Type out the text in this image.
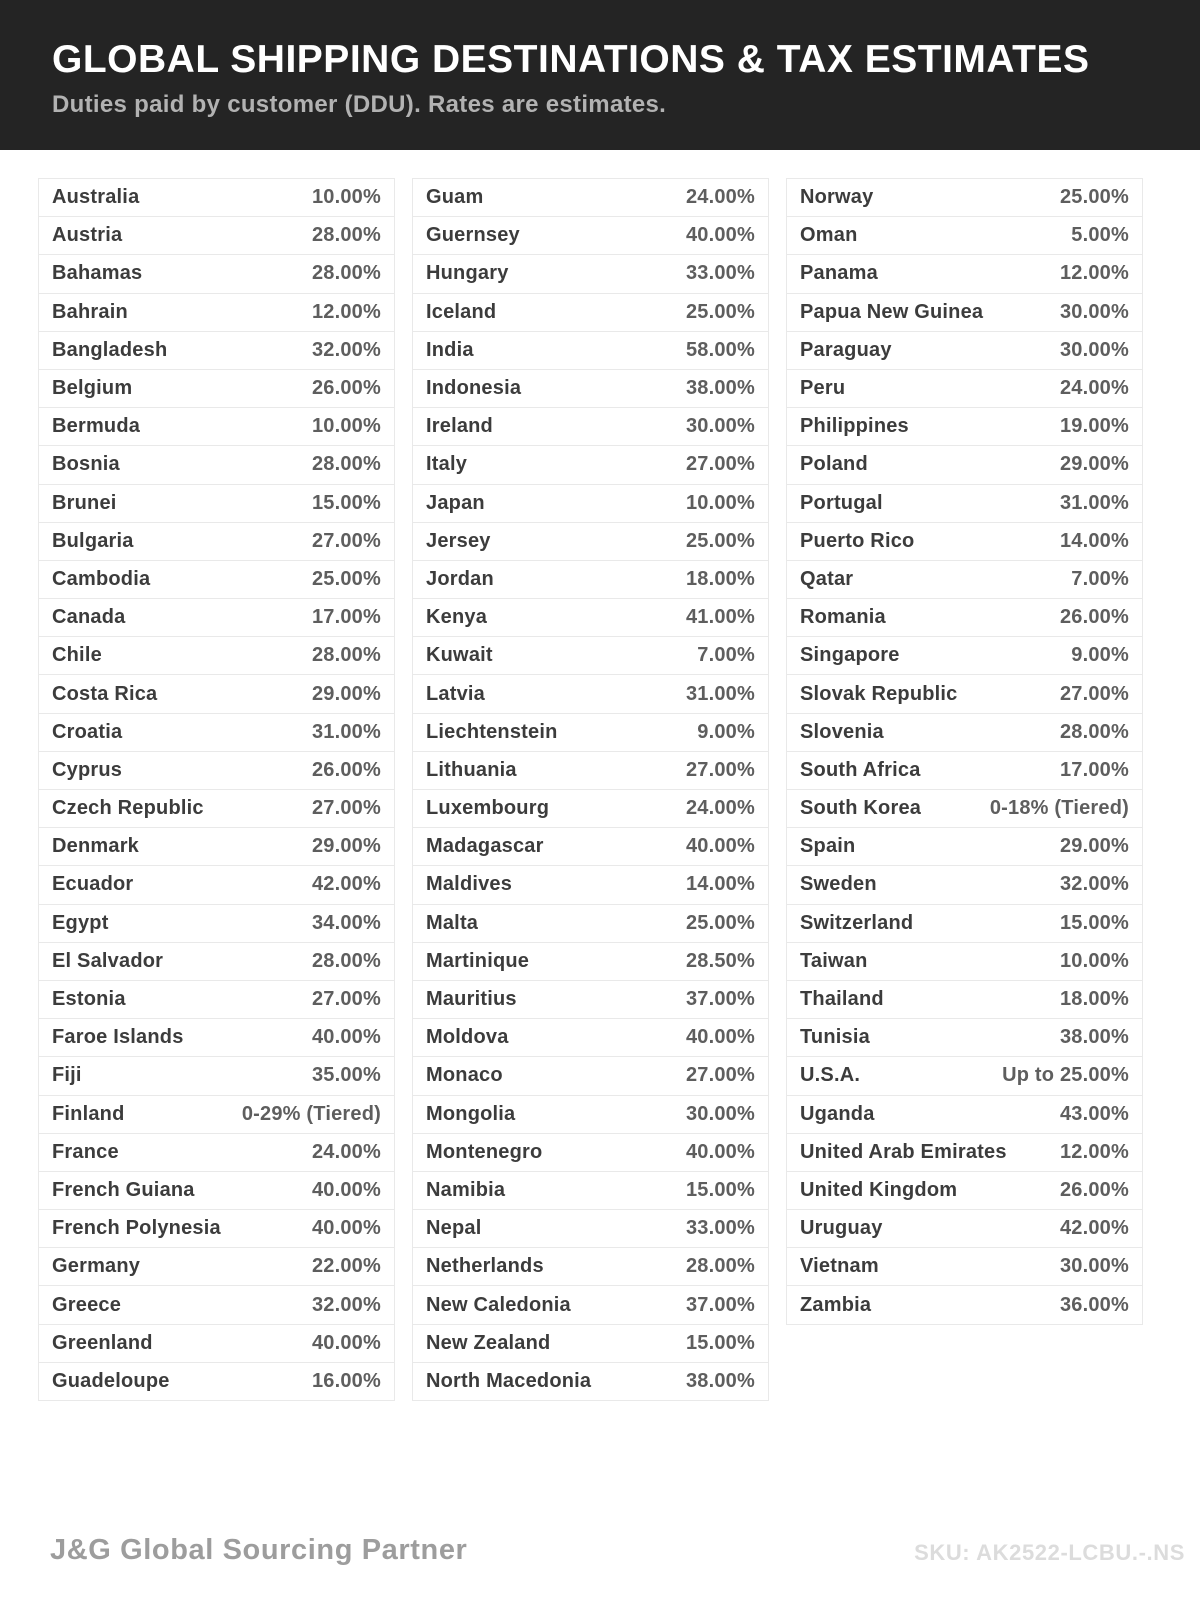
GLOBAL SHIPPING DESTINATIONS & TAX ESTIMATES
Duties paid by customer (DDU). Rates are estimates.
Australia	10.00%
Austria	28.00%
Bahamas	28.00%
Bahrain	12.00%
Bangladesh	32.00%
Belgium	26.00%
Bermuda	10.00%
Bosnia	28.00%
Brunei	15.00%
Bulgaria	27.00%
Cambodia	25.00%
Canada	17.00%
Chile	28.00%
Costa Rica	29.00%
Croatia	31.00%
Cyprus	26.00%
Czech Republic	27.00%
Denmark	29.00%
Ecuador	42.00%
Egypt	34.00%
El Salvador	28.00%
Estonia	27.00%
Faroe Islands	40.00%
Fiji	35.00%
Finland	0-29% (Tiered)
France	24.00%
French Guiana	40.00%
French Polynesia	40.00%
Germany	22.00%
Greece	32.00%
Greenland	40.00%
Guadeloupe	16.00%
Guam	24.00%
Guernsey	40.00%
Hungary	33.00%
Iceland	25.00%
India	58.00%
Indonesia	38.00%
Ireland	30.00%
Italy	27.00%
Japan	10.00%
Jersey	25.00%
Jordan	18.00%
Kenya	41.00%
Kuwait	7.00%
Latvia	31.00%
Liechtenstein	9.00%
Lithuania	27.00%
Luxembourg	24.00%
Madagascar	40.00%
Maldives	14.00%
Malta	25.00%
Martinique	28.50%
Mauritius	37.00%
Moldova	40.00%
Monaco	27.00%
Mongolia	30.00%
Montenegro	40.00%
Namibia	15.00%
Nepal	33.00%
Netherlands	28.00%
New Caledonia	37.00%
New Zealand	15.00%
North Macedonia	38.00%
Norway	25.00%
Oman	5.00%
Panama	12.00%
Papua New Guinea	30.00%
Paraguay	30.00%
Peru	24.00%
Philippines	19.00%
Poland	29.00%
Portugal	31.00%
Puerto Rico	14.00%
Qatar	7.00%
Romania	26.00%
Singapore	9.00%
Slovak Republic	27.00%
Slovenia	28.00%
South Africa	17.00%
South Korea	0-18% (Tiered)
Spain	29.00%
Sweden	32.00%
Switzerland	15.00%
Taiwan	10.00%
Thailand	18.00%
Tunisia	38.00%
U.S.A.	Up to 25.00%
Uganda	43.00%
United Arab Emirates	12.00%
United Kingdom	26.00%
Uruguay	42.00%
Vietnam	30.00%
Zambia	36.00%
J&G Global Sourcing Partner	SKU: AK2522-LCBU.-.NS
